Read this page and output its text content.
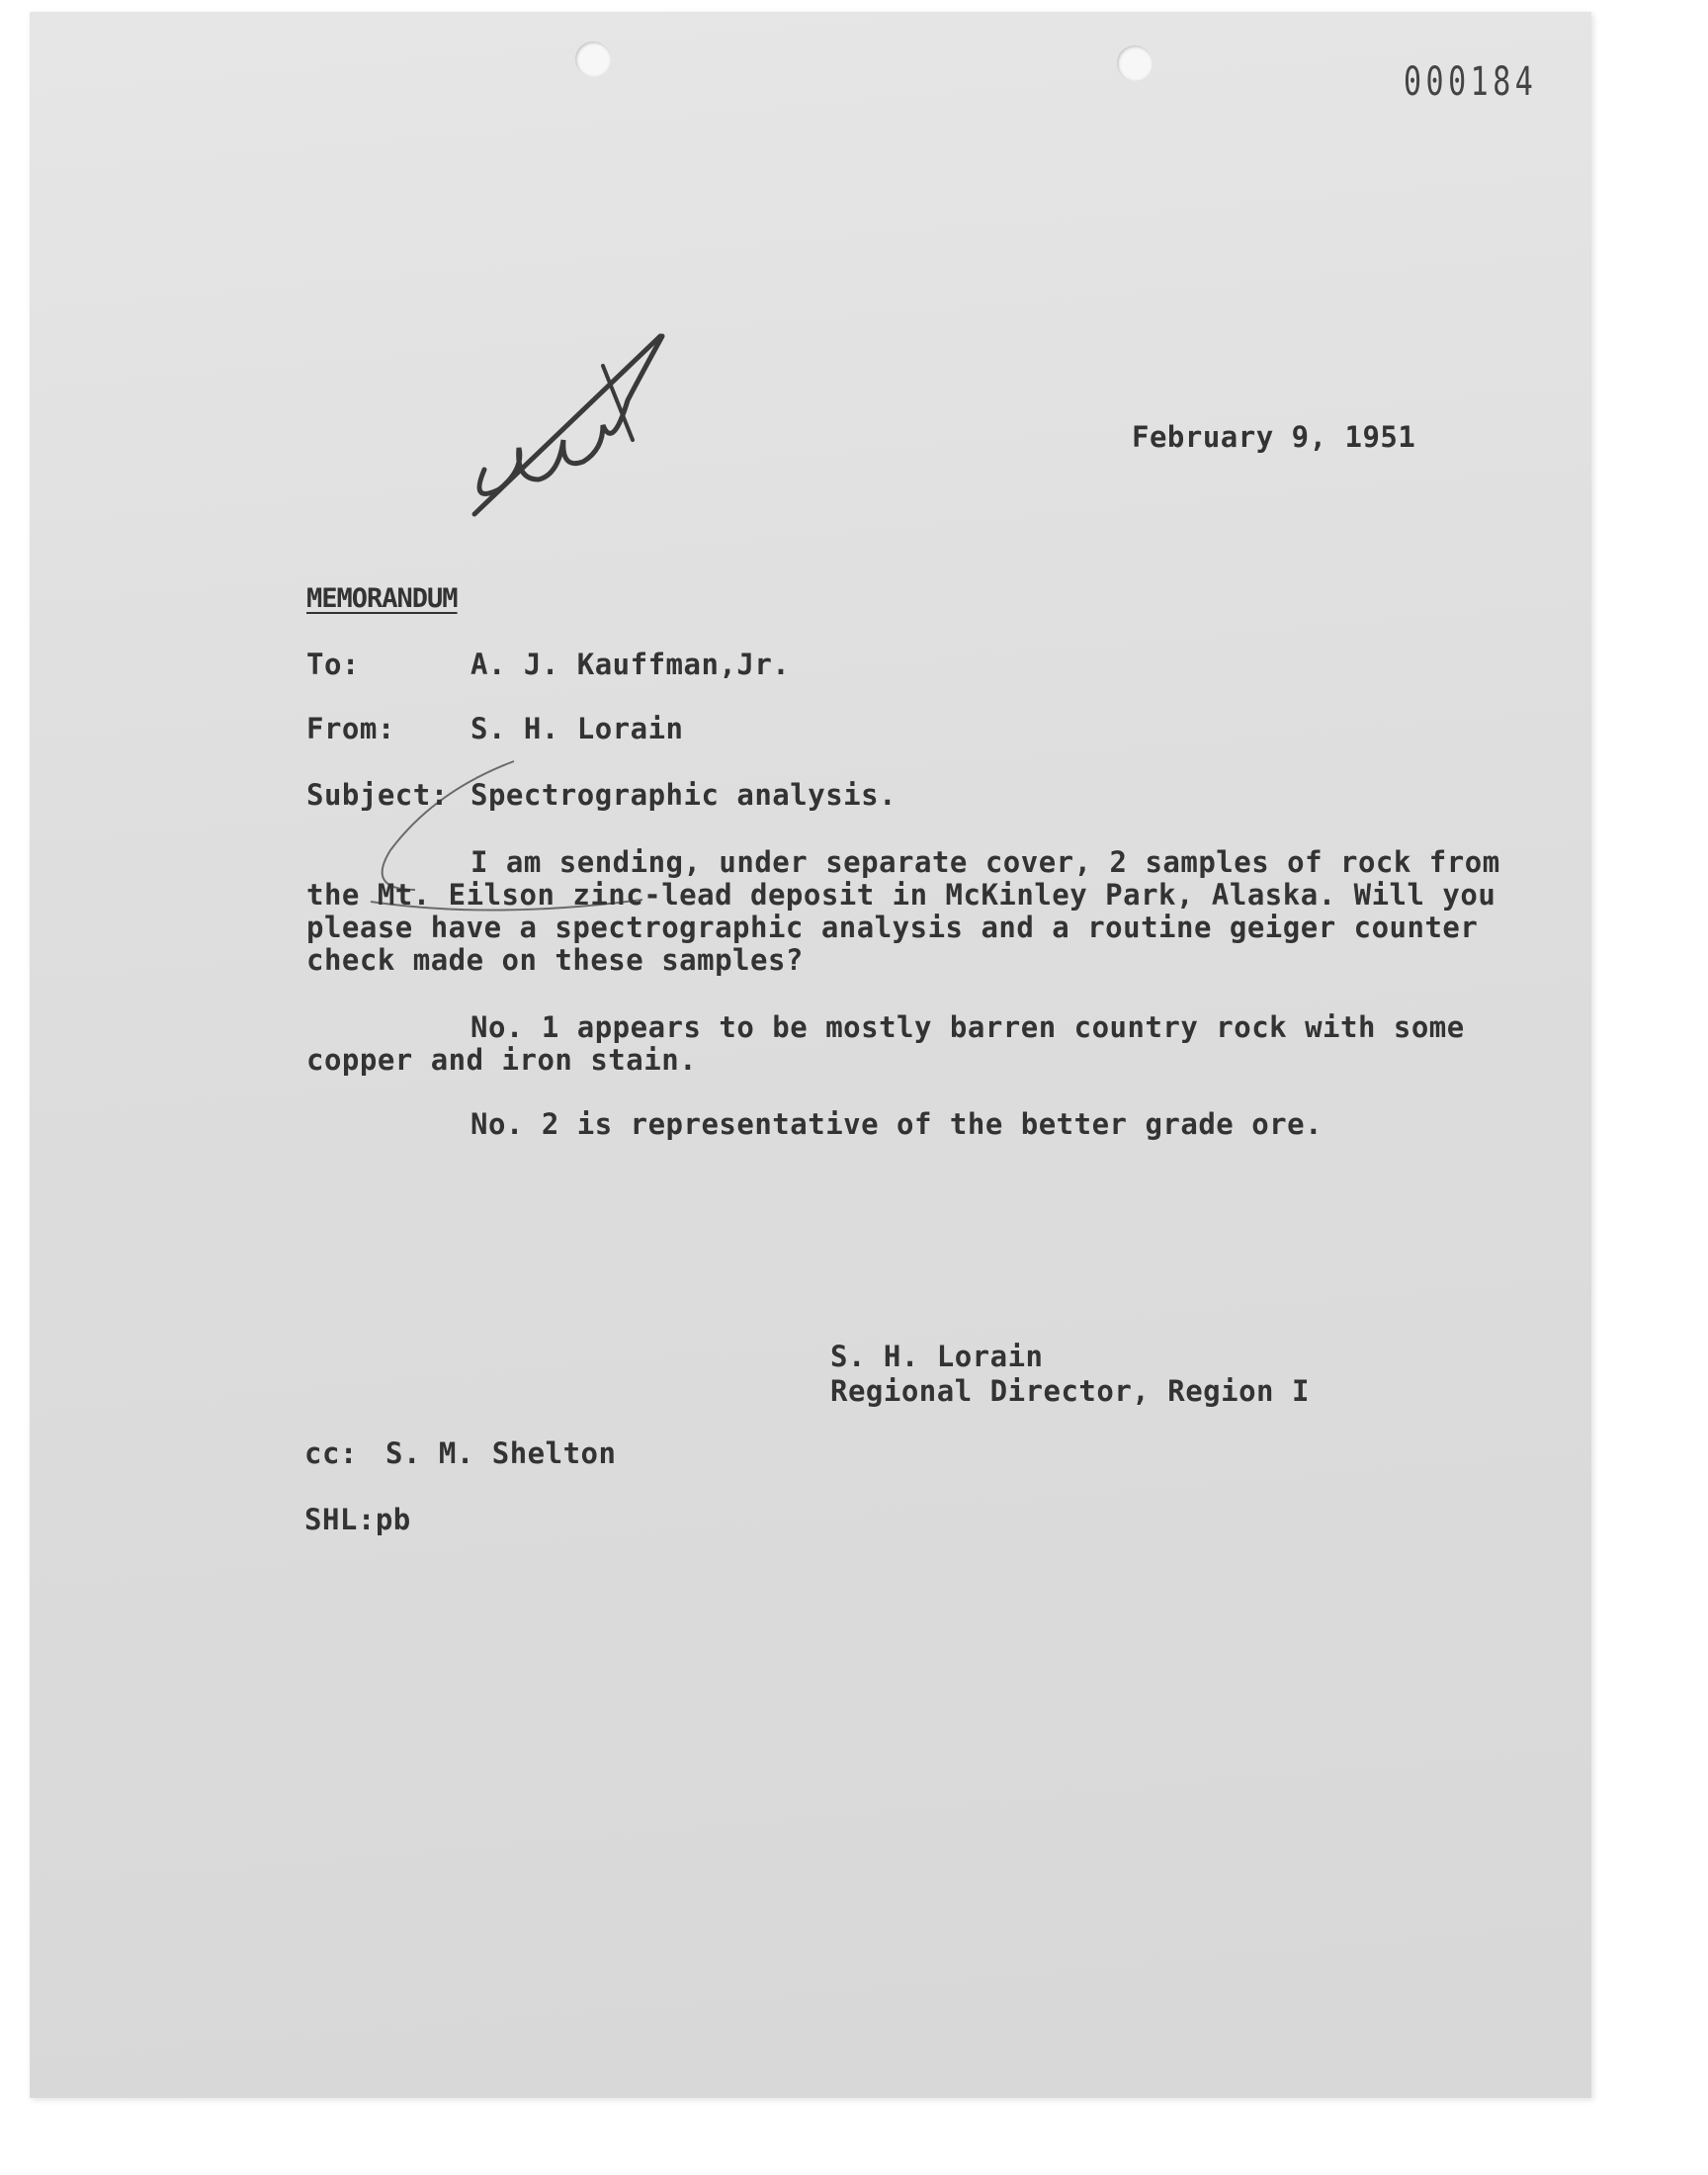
000184
February 9, 1951
MEMORANDUM
To:	A. J. Kauffman,Jr.
From:	S. H. Lorain
Subject: Spectrographic analysis.
I am sending, under separate cover, 2 samples of rock from
the Mt. Eilson zinc-lead deposit in McKinley Park, Alaska. Will you
please have a spectrographic analysis and a routine geiger counter
check made on these samples?
No. 1 appears to be mostly barren country rock with some
copper and iron stain.
No. 2 is representative of the better grade ore.
S. H. Lorain
Regional Director, Region I
cc: S. M. Shelton
SHL:pb
